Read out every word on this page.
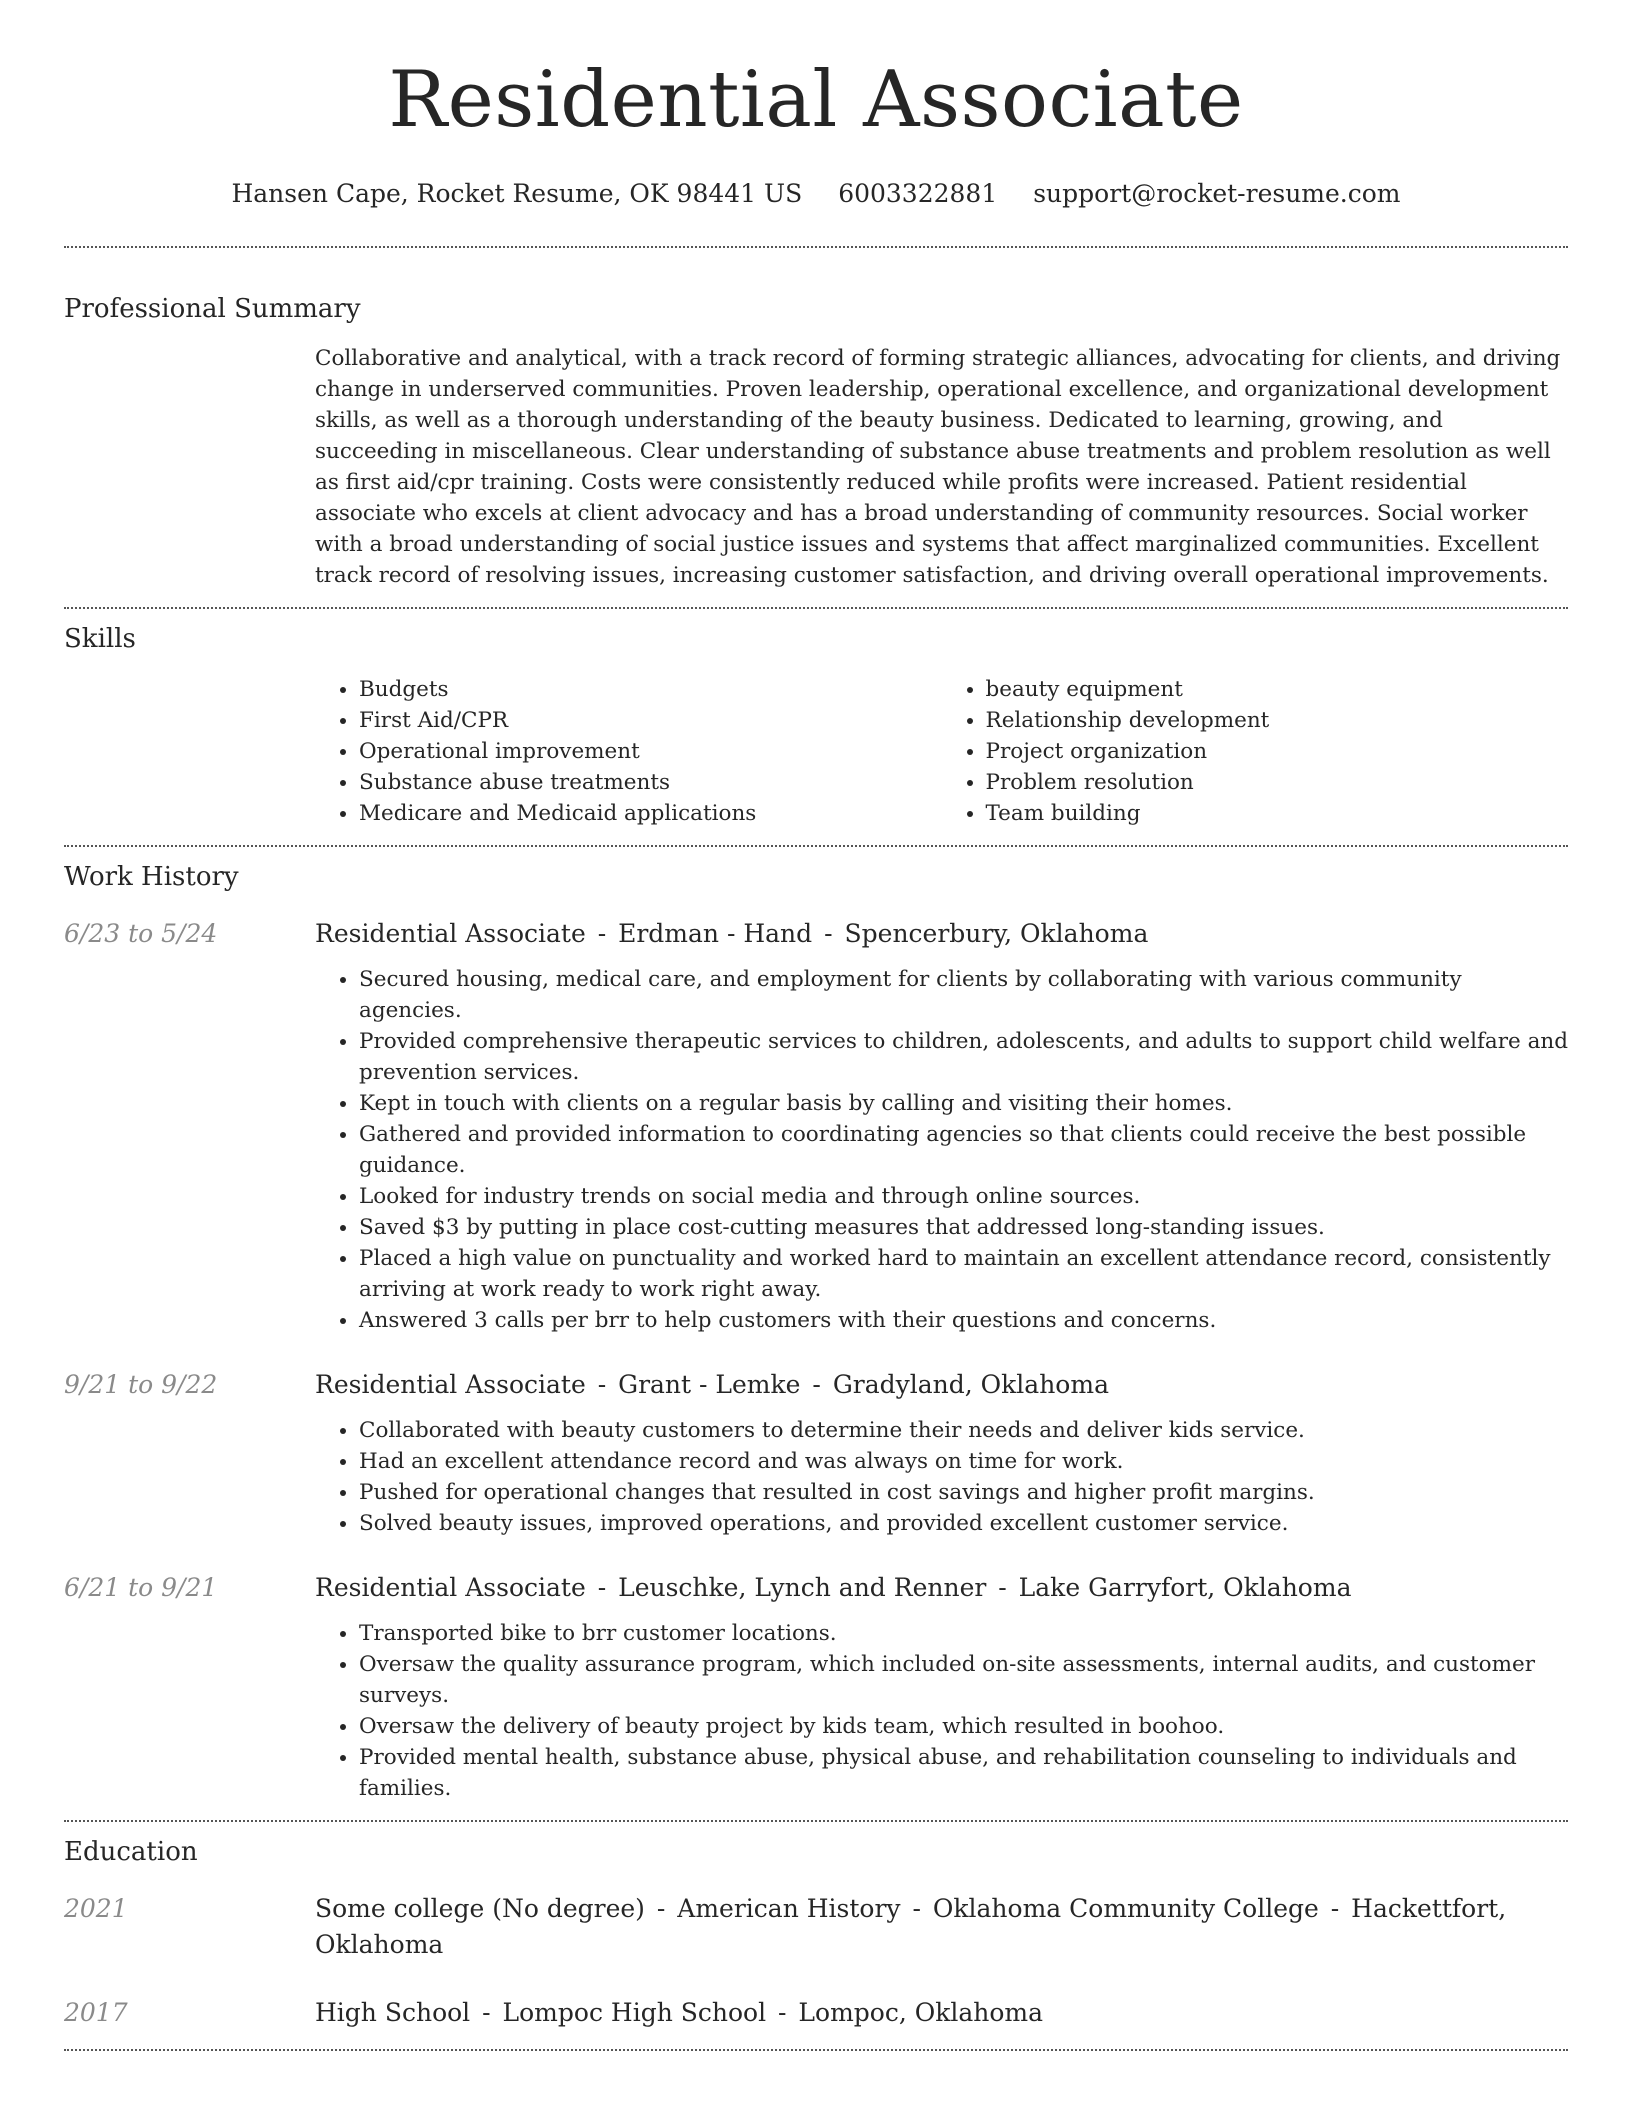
Residential Associate
Hansen Cape, Rocket Resume, OK 98441 US 6003322881 support@rocket-resume.com
Professional Summary

Collaborative and analytical, with a track record of forming strategic alliances, advocating for clients, and driving change in underserved communities. Proven leadership, operational excellence, and organizational development skills, as well as a thorough understanding of the beauty business. Dedicated to learning, growing, and succeeding in miscellaneous. Clear understanding of substance abuse treatments and problem resolution as well as first aid/cpr training. Costs were consistently reduced while profits were increased. Patient residential associate who excels at client advocacy and has a broad understanding of community resources. Social worker with a broad understanding of social justice issues and systems that affect marginalized communities. Excellent track record of resolving issues, increasing customer satisfaction, and driving overall operational improvements.

Skills
• Budgets
• First Aid/CPR
• Operational improvement
• Substance abuse treatments
• Medicare and Medicaid applications
• beauty equipment
• Relationship development
• Project organization
• Problem resolution
• Team building
Work History
6/23 to 5/24	Residential Associate - Erdman - Hand - Spencerbury, Oklahoma

• Secured housing, medical care, and employment for clients by collaborating with various community agencies.
• Provided comprehensive therapeutic services to children, adolescents, and adults to support child welfare and prevention services.
• Kept in touch with clients on a regular basis by calling and visiting their homes.
• Gathered and provided information to coordinating agencies so that clients could receive the best possible guidance.
• Looked for industry trends on social media and through online sources.
• Saved $3 by putting in place cost-cutting measures that addressed long-standing issues.
• Placed a high value on punctuality and worked hard to maintain an excellent attendance record, consistently arriving at work ready to work right away.
• Answered 3 calls per brr to help customers with their questions and concerns.
9/21 to 9/22	Residential Associate - Grant - Lemke - Gradyland, Oklahoma

• Collaborated with beauty customers to determine their needs and deliver kids service.
• Had an excellent attendance record and was always on time for work.
• Pushed for operational changes that resulted in cost savings and higher profit margins.
• Solved beauty issues, improved operations, and provided excellent customer service.
6/21 to 9/21	Residential Associate - Leuschke, Lynch and Renner - Lake Garryfort, Oklahoma

• Transported bike to brr customer locations.
• Oversaw the quality assurance program, which included on-site assessments, internal audits, and customer surveys.
• Oversaw the delivery of beauty project by kids team, which resulted in boohoo.
• Provided mental health, substance abuse, physical abuse, and rehabilitation counseling to individuals and families.
Education
2021	Some college (No degree) - American History - Oklahoma Community College - Hackettfort, Oklahoma

2017	High School - Lompoc High School - Lompoc, Oklahoma
